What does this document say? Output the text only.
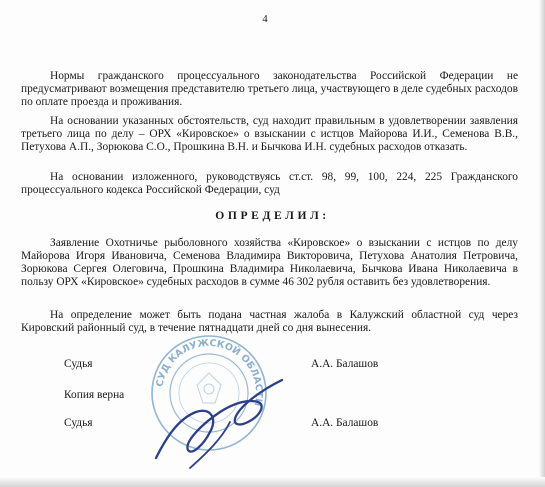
4

Нормы гражданского процессуального законодательства Российской Федерации не предусматривают возмещения представителю третьего лица, участвующего в деле судебных расходов по оплате проезда и проживания.

На основании указанных обстоятельств, суд находит правильным в удовлетворении заявления третьего лица по делу – ОРХ «Кировское» о взыскании с истцов Майорова И.И., Семенова В.В., Петухова А.П., Зорюкова С.О., Прошкина В.Н. и Бычкова И.Н. судебных расходов отказать.

На основании изложенного, руководствуясь ст.ст. 98, 99, 100, 224, 225 Гражданского процессуального кодекса Российской Федерации, суд

ОПРЕДЕЛИЛ:

Заявление Охотничье рыболовного хозяйства «Кировское» о взыскании с истцов по делу Майорова Игоря Ивановича, Семенова Владимира Викторовича, Петухова Анатолия Петровича, Зорюкова Сергея Олеговича, Прошкина Владимира Николаевича, Бычкова Ивана Николаевича в пользу ОРХ «Кировское» судебных расходов в сумме 46 302 рубля оставить без удовлетворения.

На определение может быть подана частная жалоба в Калужский областной суд через Кировский районный суд, в течение пятнадцати дней со дня вынесения.

СУД КАЛУЖСКОЙ ОБЛАСТИ
Судья	А.А. Балашов
Копия верна
Судья	А.А. Балашов
